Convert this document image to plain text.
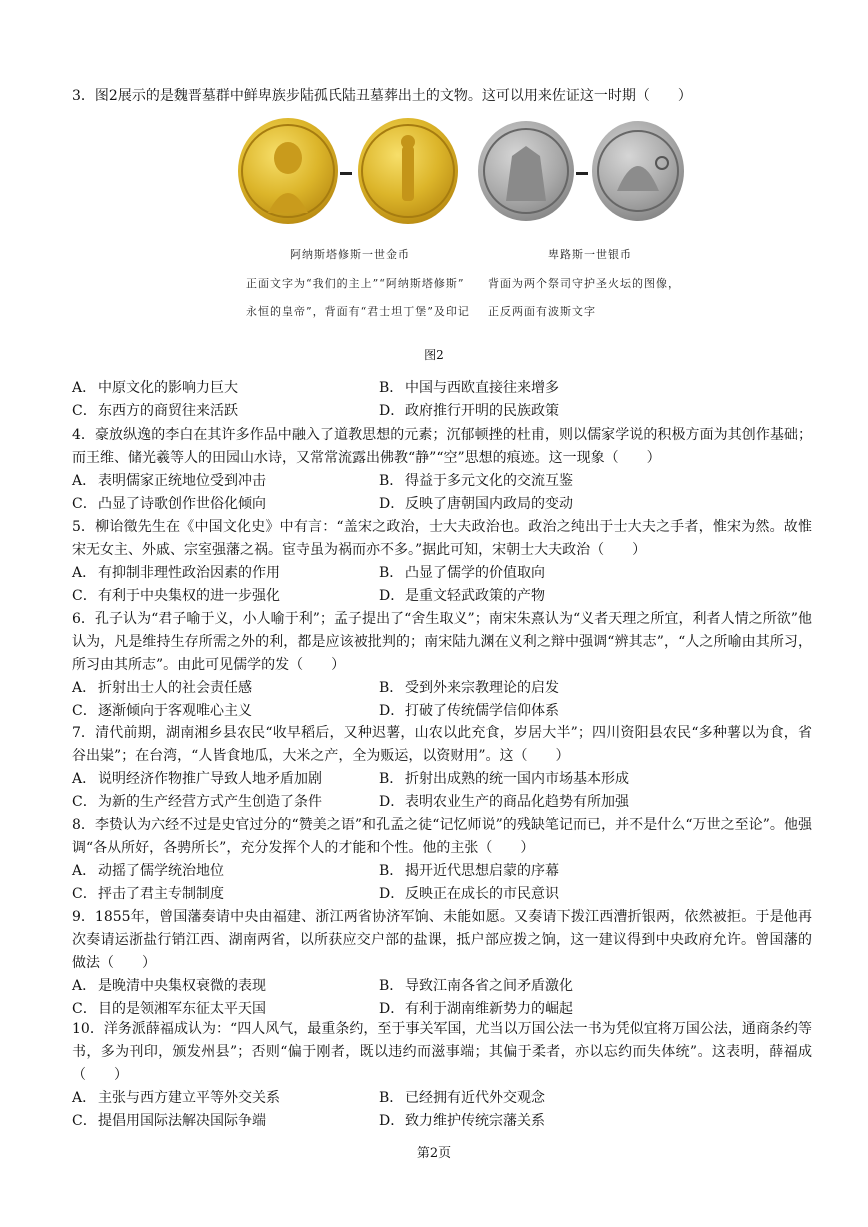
3．图2展示的是魏晋墓群中鲜卑族步陆孤氏陆丑墓葬出土的文物。这可以用来佐证这一时期（　　）
阿纳斯塔修斯一世金币
正面文字为“我们的主上”“阿纳斯塔修斯”
永恒的皇帝”，背面有“君士坦丁堡”及印记
卑路斯一世银币
背面为两个祭司守护圣火坛的图像，
正反两面有波斯文字
图2
A． 中原文化的影响力巨大	B． 中国与西欧直接往来增多
C．东西方的商贸往来活跃	D．政府推行开明的民族政策
4．豪放纵逸的李白在其许多作品中融入了道教思想的元素；沉郁顿挫的杜甫，则以儒家学说的积极方面为其创作基础；而王维、储光羲等人的田园山水诗，又常常流露出佛教“静”“空”思想的痕迹。这一现象（　　）
A． 表明儒家正统地位受到冲击	B． 得益于多元文化的交流互鉴
C．凸显了诗歌创作世俗化倾向	D．反映了唐朝国内政局的变动
5．柳诒徵先生在《中国文化史》中有言：“盖宋之政治，士大夫政治也。政治之纯出于士大夫之手者，惟宋为然。故惟宋无女主、外戚、宗室强藩之祸。宦寺虽为祸而亦不多。”据此可知，宋朝士大夫政治（　　）
A． 有抑制非理性政治因素的作用	B． 凸显了儒学的价值取向
C．有利于中央集权的进一步强化	D．是重文轻武政策的产物
6．孔子认为“君子喻于义，小人喻于利”；孟子提出了“舍生取义”；南宋朱熹认为“义者天理之所宜，利者人情之所欲”他认为，凡是维持生存所需之外的利，都是应该被批判的；南宋陆九渊在义利之辩中强调“辨其志”，“人之所喻由其所习，所习由其所志”。由此可见儒学的发（　　）
A． 折射出士人的社会责任感	B． 受到外来宗教理论的启发
C．逐渐倾向于客观唯心主义	D．打破了传统儒学信仰体系
7．清代前期，湖南湘乡县农民“收早稻后，又种迟薯，山农以此充食，岁居大半”；四川资阳县农民“多种薯以为食，省谷出粜”；在台湾，“人皆食地瓜，大米之产，全为贩运，以资财用”。这（　　）
A． 说明经济作物推广导致人地矛盾加剧	B． 折射出成熟的统一国内市场基本形成
C．为新的生产经营方式产生创造了条件	D．表明农业生产的商品化趋势有所加强
8．李贽认为六经不过是史官过分的“赞美之语”和孔孟之徒“记忆师说”的残缺笔记而已，并不是什么“万世之至论”。他强调“各从所好，各骋所长”，充分发挥个人的才能和个性。他的主张（　　）
A． 动摇了儒学统治地位	B． 揭开近代思想启蒙的序幕
C．抨击了君主专制制度	D．反映正在成长的市民意识
9．1855年，曾国藩奏请中央由福建、浙江两省协济军饷、未能如愿。又奏请下拨江西漕折银两，依然被拒。于是他再次奏请运浙盐行销江西、湖南两省，以所获应交户部的盐课，抵户部应拨之饷，这一建议得到中央政府允许。曾国藩的做法（　　）
A． 是晚清中央集权衰微的表现	B． 导致江南各省之间矛盾激化
C．目的是领湘军东征太平天国	D．有利于湖南维新势力的崛起
10．洋务派薛福成认为：“四人风气，最重条约，至于事关军国，尤当以万国公法一书为凭似宜将万国公法，通商条约等书，多为刊印，颁发州县”；否则“偏于刚者，既以违约而滋事端；其偏于柔者，亦以忘约而失体统”。这表明，薛福成（　　）
A． 主张与西方建立平等外交关系	B． 已经拥有近代外交观念
C．提倡用国际法解决国际争端	D．致力维护传统宗藩关系
第2页
